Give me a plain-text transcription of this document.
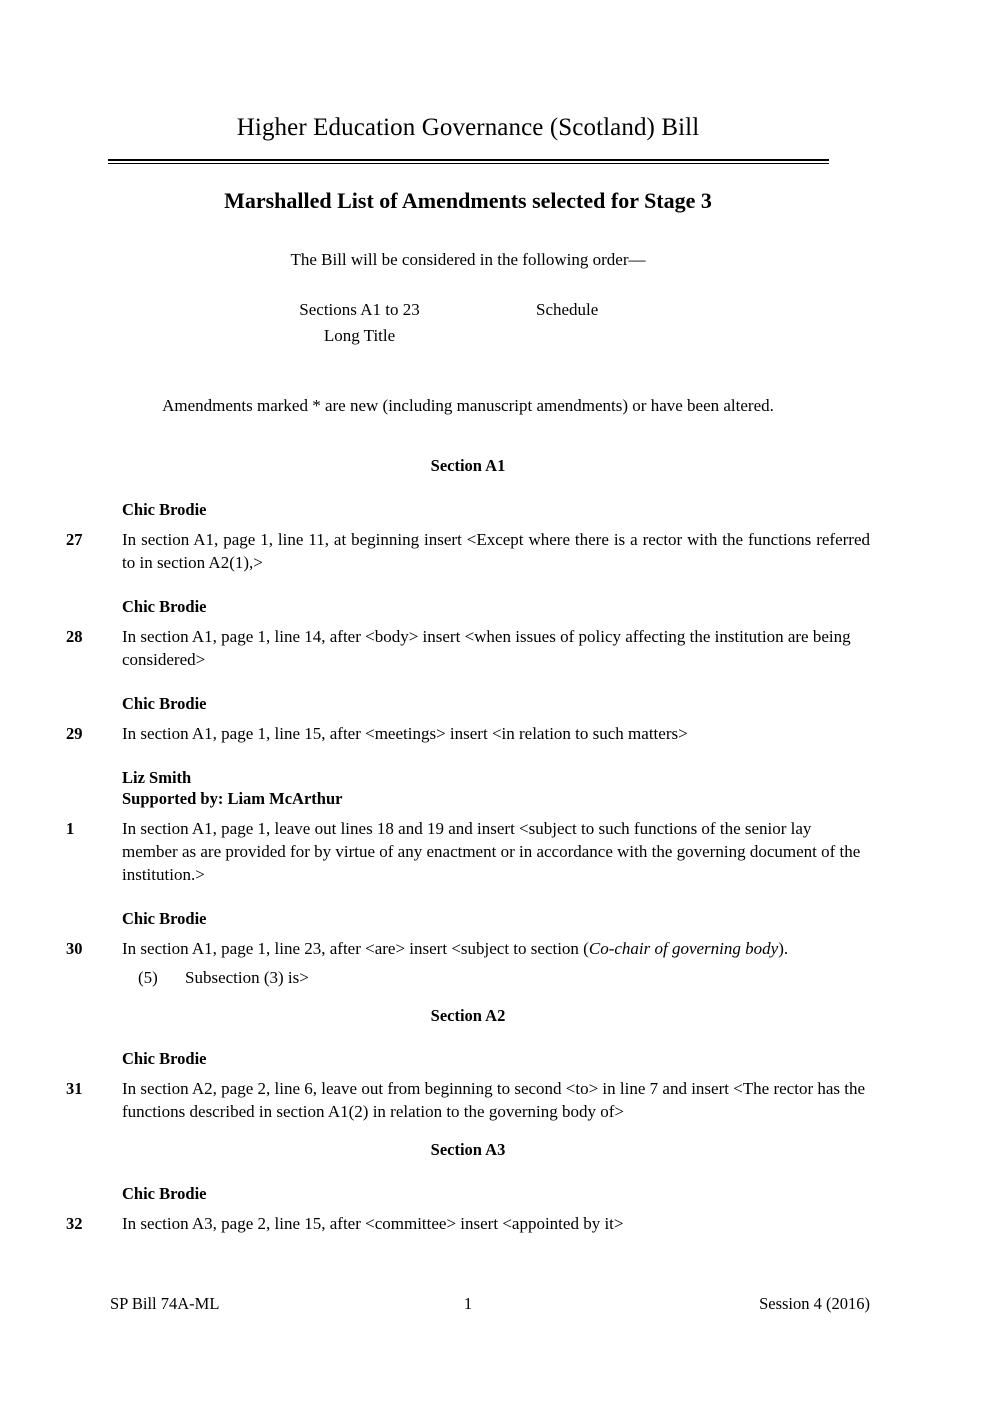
Higher Education Governance (Scotland) Bill
Marshalled List of Amendments selected for Stage 3

The Bill will be considered in the following order—

Sections A1 to 23
Long Title
Schedule

Amendments marked * are new (including manuscript amendments) or have been altered.

Section A1
Chic Brodie
27	In section A1, page 1, line 11, at beginning insert <Except where there is a rector with the functions referred to in section A2(1),>
Chic Brodie
28	In section A1, page 1, line 14, after <body> insert <when issues of policy affecting the institution are being considered>
Chic Brodie
29	In section A1, page 1, line 15, after <meetings> insert <in relation to such matters>
Liz Smith
Supported by: Liam McArthur
1	In section A1, page 1, leave out lines 18 and 19 and insert <subject to such functions of the senior lay member as are provided for by virtue of any enactment or in accordance with the governing document of the institution.>
Chic Brodie
30	In section A1, page 1, line 23, after <are> insert <subject to section (Co-chair of governing body).
(5) Subsection (3) is>
Section A2
Chic Brodie
31	In section A2, page 2, line 6, leave out from beginning to second <to> in line 7 and insert <The rector has the functions described in section A1(2) in relation to the governing body of>
Section A3
Chic Brodie
32	In section A3, page 2, line 15, after <committee> insert <appointed by it>
SP Bill 74A-ML	1	Session 4 (2016)
